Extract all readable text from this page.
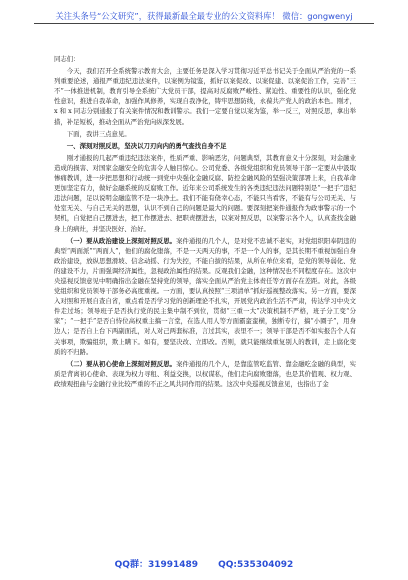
关注头条号“公文研究”，获得最新最全最专业的公文资料库！ 微信：gongwenyj

同志们：

今天，我们召开全系统警示教育大会，主要任务是深入学习贯彻习近平总书记关于全面从严治党的一系列重要论述，通报严重违纪违法案件，以案例为镜鉴，抓好以案促改、以案促建、以案促治工作，完善“三不”一体推进机制，教育引导全系统广大党员干部，提高对反腐败严峻性、紧迫性、重要性的认识，强化党性意识，推进自我革命，加强作风修养，实现自我净化，铸牢思想防线，永葆共产党人的政治本色。刚才，x 和 x 同志分别通报了有关案件情况和教训警示。我们一定要自觉以案为鉴，举一反三，对照反思，拿出举措，补足短板，推动全面从严治党向纵深发展。

下面，我讲三点意见。

一、深刻对照反思，坚决以刀刃向内的勇气查找自身不足

刚才通报的几起严重违纪违法案件，性质严重、影响恶劣，问题典型，其教育意义十分深刻，对金融业造成的损害、对国家金融安全的危害令人触目惊心。公司党委、各级党组织和党员领导干部一定要从中汲取惨痛教训，进一步把思想和行动统一到党中央强化金融反腐、防控金融风险的坚强决策部署上来，自我革命更加坚定有力，做好金融系统的反腐败工作。近年来公司系统发生的各类违纪违法问题特别是“一把手”违纪违法问题，足以说明金融监管不是一块净土。我们不能有侥幸心态，不能只当看客，不能有与公司无关、与处室无关、与自己无关的思想，认识不到自己的问题是最大的问题。要深刻把案件通报作为政事警示的一个契机，自觉把自己摆进去，把工作摆进去、把职责摆进去，以案对照反思，以案警示各个人，认真查找金融身上的病灶，并坚决医好、治好。

（一）要从政治建设上深刻对照反思。案件通报的几个人，是对党不忠诚不老实，对党组织阳奉阴违的典型“两面派”“两面人”，他们的腐化堕落，不是一天两天的事，不是一个人的事，是其长期不重视加强自身政治建设，放纵思想滑坡、信念动摇、行为失控，不能自拔的结果，从所在单位来看，是党的领导弱化、党的建设不力，片面强调经济属性，忽视政治属性的结果。反观我们金融，这种情况也不同程度存在。这次中央巡视反馈意见中明确指出金融在坚持党的领导，落实全面从严治党主体责任等方面存在差距。对此，各级党组织和党员领导干部务必高度重视。一方面，要认真按照“三项清单”抓好巡视整改落实。另一方面，要深入对照和开展自查自省，重点看是否学习党的创新理论不扎实，开展党内政治生活不严肃，传达学习中央文件走过场；领导班子是否执行党的民主集中制不到位，贯彻“三重一大”决策机制不严格，班子分工变“分家”；“一把手”是否自恃位高权重主搞一言堂，在选人用人等方面霸蛮蛮横，独断专行，搞“小圈子”，用身边人；是否自上台下两副面孔，对人对己两套标准，言过其实，表里不一；领导干部是否不如实报告个人有关事项，欺骗组织，欺上瞒下。如有，要坚决改、立即改。否则，就只能继续重复别人的教训，走上腐化变质的不归路。

（二）要从初心使命上深刻对照反思。案件通报的几个人，是靠监管吃监管、靠金融吃金融的典型，实质是背离初心使命、表现为权力寻租、利益交换，以权谋私，他们走向腐败堕落，也是其价值观、权力观、政绩观扭曲与金融行业比较严重的不正之风共同作用的结果。这次中央巡视反馈意见，也指出了金

QQ群：31991489 QQ:535304092
